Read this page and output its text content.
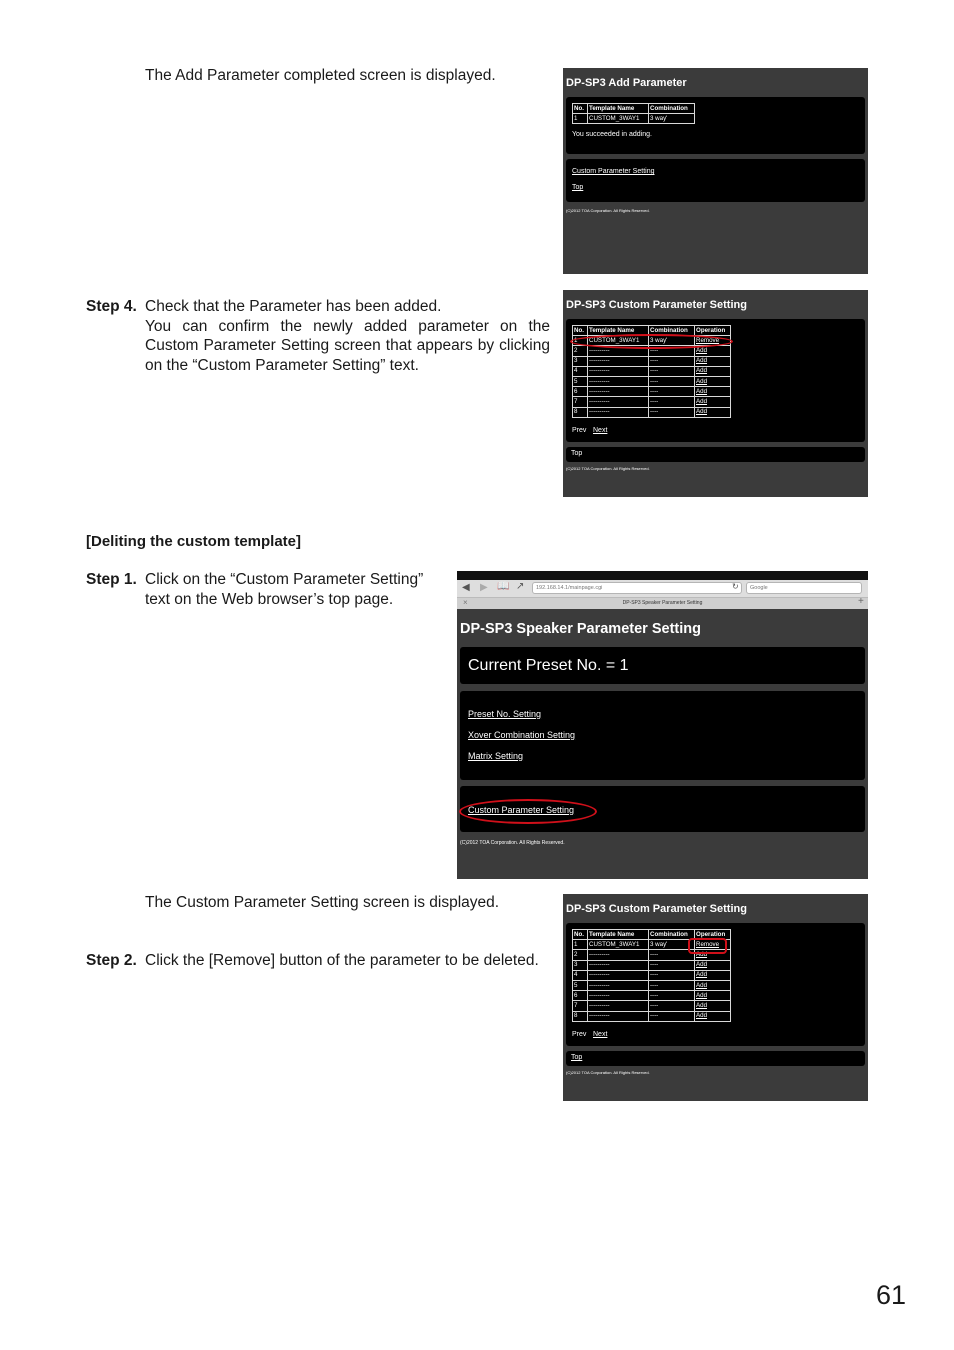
The Add Parameter completed screen is displayed.
Step 4. Check that the Parameter has been added.
You can confirm the newly added parameter on the Custom Parameter Setting screen that appears by clicking on the “Custom Parameter Setting” text.
[Deliting the custom template]
Step 1. Click on the “Custom Parameter Setting” text on the Web browser’s top page.
The Custom Parameter Setting screen is displayed.
Step 2. Click the [Remove] button of the parameter to be deleted.
61
DP-SP3 Add Parameter
No.	Template Name	Combination
1	CUSTOM_3WAY1	3 way'
You succeeded in adding.
Custom Parameter Setting
Top
(C)2012 TOA Corporation. All Rights Reserved.
DP-SP3 Custom Parameter Setting
No.	Template Name	Combination	Operation
1	CUSTOM_3WAY1	3 way'	Remove
2	----------	----	Add
3	----------	----	Add
4	----------	----	Add
5	----------	----	Add
6	----------	----	Add
7	----------	----	Add
8	----------	----	Add
Prev Next
Top
(C)2012 TOA Corporation. All Rights Reserved.
◀ ▶ 📖 ↗	192.168.14.1/mainpage.cgi	↻	Google
DP-SP3 Speaker Parameter Setting
×	+
DP-SP3 Speaker Parameter Setting
Current Preset No. = 1
Preset No. Setting
Xover Combination Setting
Matrix Setting
Custom Parameter Setting
(C)2012 TOA Corporation. All Rights Reserved.
DP-SP3 Custom Parameter Setting
No.	Template Name	Combination	Operation
1	CUSTOM_3WAY1	3 way'	Remove
2	----------	----	Add
3	----------	----	Add
4	----------	----	Add
5	----------	----	Add
6	----------	----	Add
7	----------	----	Add
8	----------	----	Add
Prev Next
Top
(C)2012 TOA Corporation. All Rights Reserved.
